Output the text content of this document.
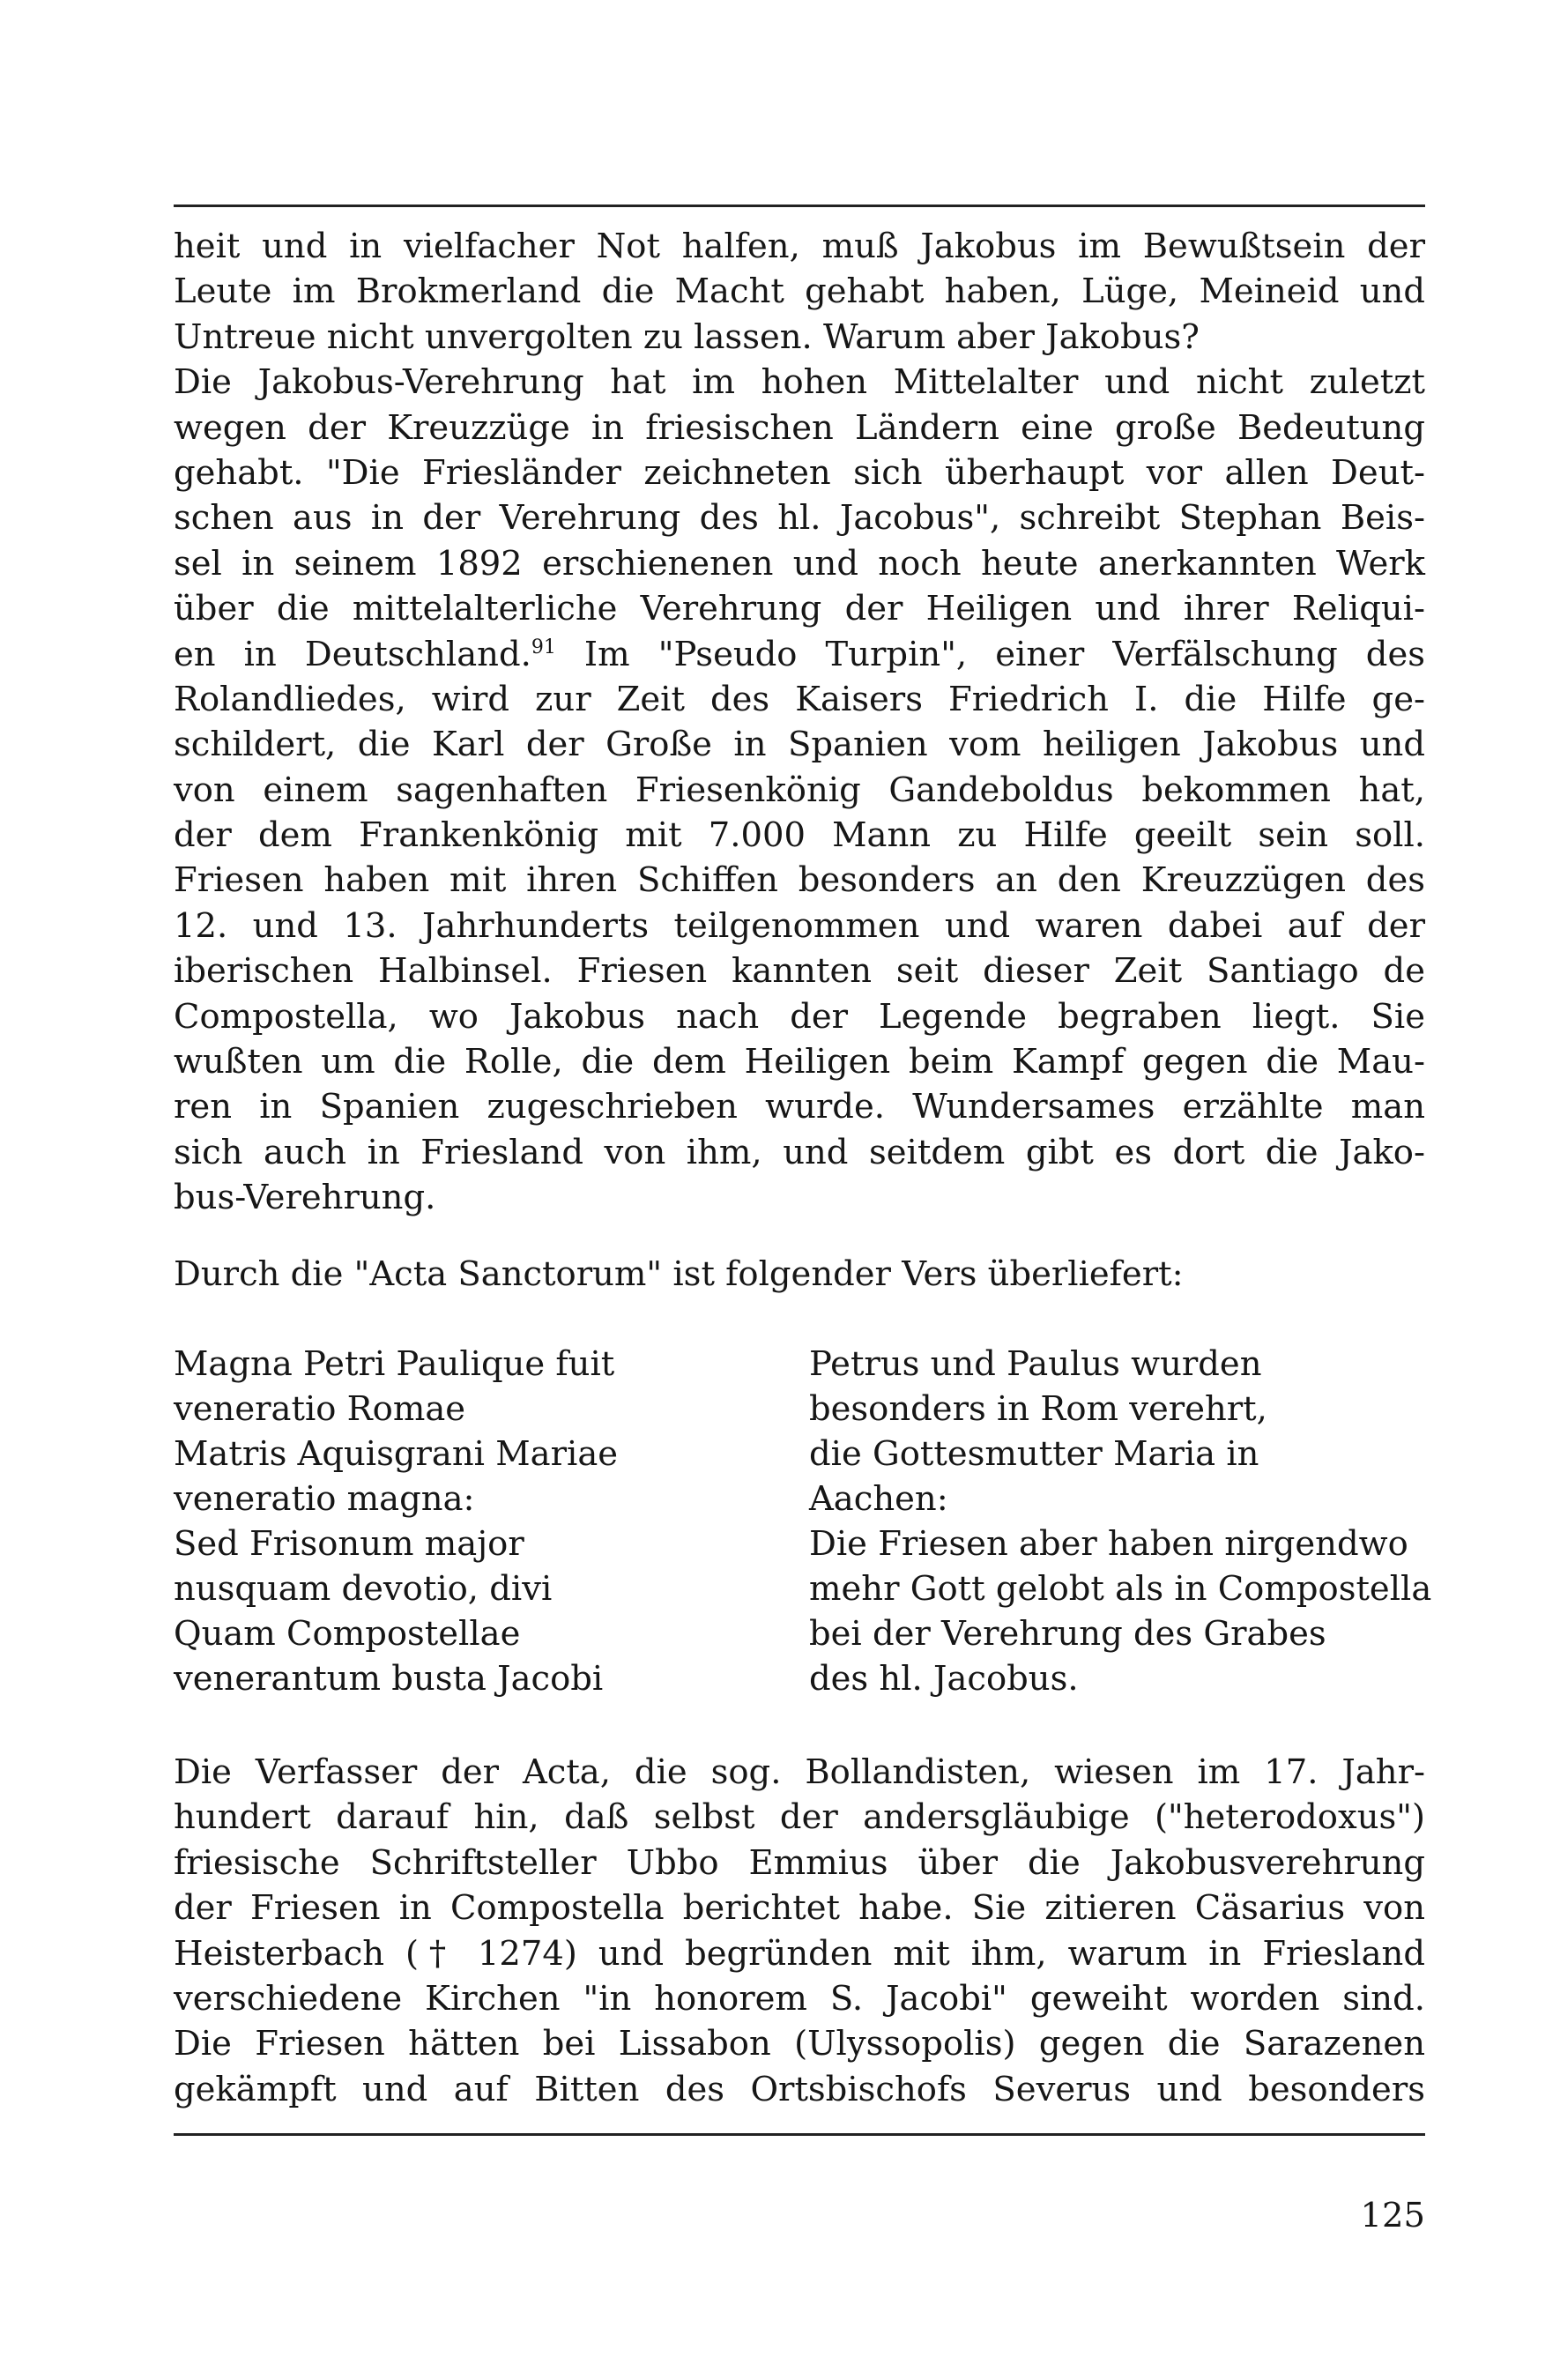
heit und in vielfacher Not halfen, muß Jakobus im Bewußtsein der
Leute im Brokmerland die Macht gehabt haben, Lüge, Meineid und
Untreue nicht unvergolten zu lassen. Warum aber Jakobus?
Die Jakobus-Verehrung hat im hohen Mittelalter und nicht zuletzt
wegen der Kreuzzüge in friesischen Ländern eine große Bedeutung
gehabt. "Die Friesländer zeichneten sich überhaupt vor allen Deut-
schen aus in der Verehrung des hl. Jacobus", schreibt Stephan Beis-
sel in seinem 1892 erschienenen und noch heute anerkannten Werk
über die mittelalterliche Verehrung der Heiligen und ihrer Reliqui-
en in Deutschland.$^{91}$ Im "Pseudo Turpin", einer Verfälschung des
Rolandliedes, wird zur Zeit des Kaisers Friedrich I. die Hilfe ge-
schildert, die Karl der Große in Spanien vom heiligen Jakobus und
von einem sagenhaften Friesenkönig Gandeboldus bekommen hat,
der dem Frankenkönig mit 7.000 Mann zu Hilfe geeilt sein soll.
Friesen haben mit ihren Schiffen besonders an den Kreuzzügen des
12. und 13. Jahrhunderts teilgenommen und waren dabei auf der
iberischen Halbinsel. Friesen kannten seit dieser Zeit Santiago de
Compostella, wo Jakobus nach der Legende begraben liegt. Sie
wußten um die Rolle, die dem Heiligen beim Kampf gegen die Mau-
ren in Spanien zugeschrieben wurde. Wundersames erzählte man
sich auch in Friesland von ihm, und seitdem gibt es dort die Jako-
bus-Verehrung.
Durch die "Acta Sanctorum" ist folgender Vers überliefert:
Magna Petri Paulique fuit
veneratio Romae
Matris Aquisgrani Mariae
veneratio magna:
Sed Frisonum major
nusquam devotio, divi
Quam Compostellae
venerantum busta Jacobi
Petrus und Paulus wurden
besonders in Rom verehrt,
die Gottesmutter Maria in
Aachen:
Die Friesen aber haben nirgendwo
mehr Gott gelobt als in Compostella
bei der Verehrung des Grabes
des hl. Jacobus.
Die Verfasser der Acta, die sog. Bollandisten, wiesen im 17. Jahr-
hundert darauf hin, daß selbst der andersgläubige ("heterodoxus")
friesische Schriftsteller Ubbo Emmius über die Jakobusverehrung
der Friesen in Compostella berichtet habe. Sie zitieren Cäsarius von
Heisterbach († 1274) und begründen mit ihm, warum in Friesland
verschiedene Kirchen "in honorem S. Jacobi" geweiht worden sind.
Die Friesen hätten bei Lissabon (Ulyssopolis) gegen die Sarazenen
gekämpft und auf Bitten des Ortsbischofs Severus und besonders
125
